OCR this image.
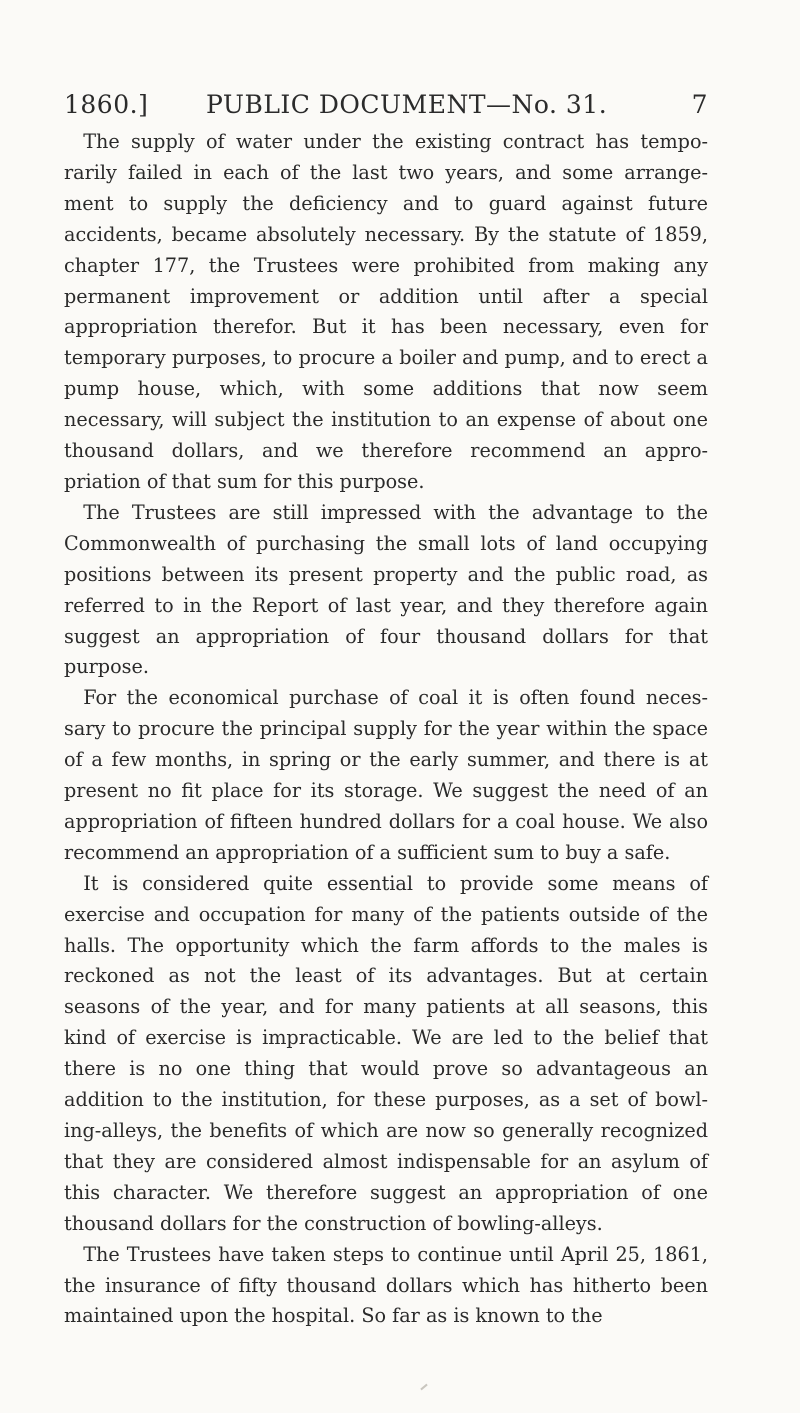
1860.] PUBLIC DOCUMENT—No. 31.	7

The supply of water under the existing contract has tempo- rarily failed in each of the last two years, and some arrange- ment to supply the deficiency and to guard against future accidents, became absolutely necessary. By the statute of 1859, chapter 177, the Trustees were prohibited from making any permanent improvement or addition until after a special appropriation therefor. But it has been necessary, even for temporary purposes, to procure a boiler and pump, and to erect a pump house, which, with some additions that now seem necessary, will subject the institution to an expense of about one thousand dollars, and we therefore recommend an appro- priation of that sum for this purpose.

The Trustees are still impressed with the advantage to the Commonwealth of purchasing the small lots of land occupying positions between its present property and the public road, as referred to in the Report of last year, and they therefore again suggest an appropriation of four thousand dollars for that purpose.

For the economical purchase of coal it is often found neces- sary to procure the principal supply for the year within the space of a few months, in spring or the early summer, and there is at present no fit place for its storage. We suggest the need of an appropriation of fifteen hundred dollars for a coal house. We also recommend an appropriation of a sufficient sum to buy a safe.

It is considered quite essential to provide some means of exercise and occupation for many of the patients outside of the halls. The opportunity which the farm affords to the males is reckoned as not the least of its advantages. But at certain seasons of the year, and for many patients at all seasons, this kind of exercise is impracticable. We are led to the belief that there is no one thing that would prove so advantageous an addition to the institution, for these purposes, as a set of bowl- ing-alleys, the benefits of which are now so generally recognized that they are considered almost indispensable for an asylum of this character. We therefore suggest an appropriation of one thousand dollars for the construction of bowling-alleys.

The Trustees have taken steps to continue until April 25, 1861, the insurance of fifty thousand dollars which has hitherto been maintained upon the hospital. So far as is known to the
